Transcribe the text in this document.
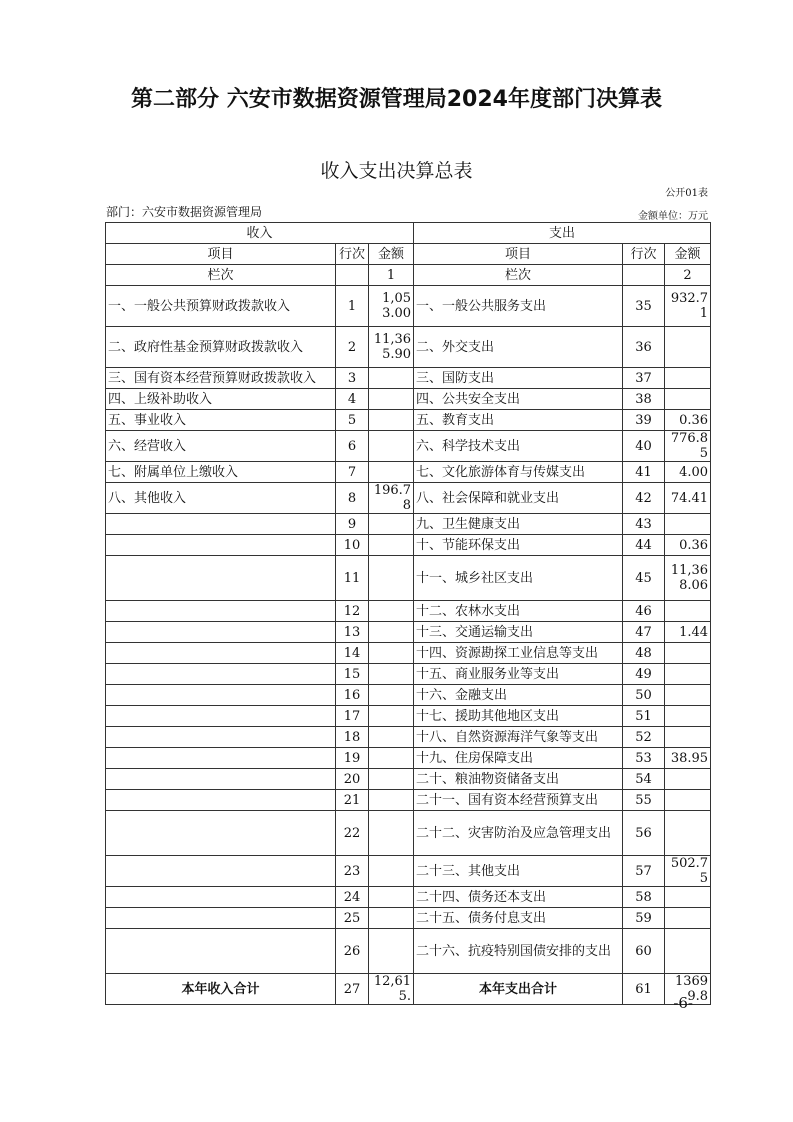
第二部分 六安市数据资源管理局2024年度部门决算表
收入支出决算总表
公开01表
部门：六安市数据资源管理局	金额单位：万元
收入			支出		
项目	行次	金额	项目	行次	金额
栏次		1	栏次		2
一、一般公共预算财政拨款收入	1	1,053.00	一、一般公共服务支出	35	932.71
二、政府性基金预算财政拨款收入	2	11,365.90	二、外交支出	36	
三、国有资本经营预算财政拨款收入	3		三、国防支出	37	
四、上级补助收入	4		四、公共安全支出	38	
五、事业收入	5		五、教育支出	39	0.36
六、经营收入	6		六、科学技术支出	40	776.85
七、附属单位上缴收入	7		七、文化旅游体育与传媒支出	41	4.00
八、其他收入	8	196.78	八、社会保障和就业支出	42	74.41
	9		九、卫生健康支出	43	
	10		十、节能环保支出	44	0.36
	11		十一、城乡社区支出	45	11,368.06
	12		十二、农林水支出	46	
	13		十三、交通运输支出	47	1.44
	14		十四、资源勘探工业信息等支出	48	
	15		十五、商业服务业等支出	49	
	16		十六、金融支出	50	
	17		十七、援助其他地区支出	51	
	18		十八、自然资源海洋气象等支出	52	
	19		十九、住房保障支出	53	38.95
	20		二十、粮油物资储备支出	54	
	21		二十一、国有资本经营预算支出	55	
	22		二十二、灾害防治及应急管理支出	56	
	23		二十三、其他支出	57	502.75
	24		二十四、债务还本支出	58	
	25		二十五、债务付息支出	59	
	26		二十六、抗疫特别国债安排的支出	60	
本年收入合计	27	12,615.	本年支出合计	61	13699.8
-6-
